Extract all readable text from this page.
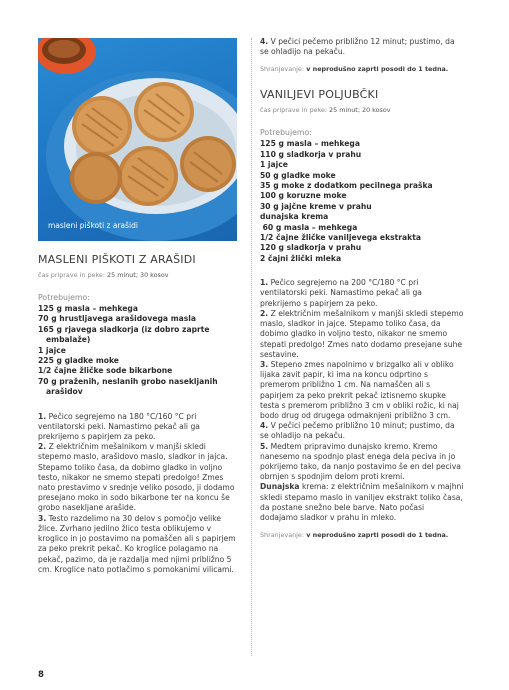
masleni piškoti z arašidi
MASLENI PIŠKOTI Z ARAŠIDI
čas priprave in peke: 25 minut; 30 kosov
Potrebujemo:
125 g masla – mehkega
70 g hrustljavega arašidovega masla
165 g rjavega sladkorja (iz dobro zaprte embalaže)
1 jajce
225 g gladke moke
1/2 čajne žličke sode bikarbone
70 g praženih, neslanih grobo nasekljanih arašidov

1. Pečico segrejemo na 180 °C/160 °C pri ventilatorski peki. Namastimo pekač ali ga prekrijemo s papirjem za peko.

2. Z električnim mešalnikom v manjši skledi stepemo maslo, arašidovo maslo, sladkor in jajca. Stepamo toliko časa, da dobimo gladko in voljno testo, nikakor ne smemo stepati predolgo! Zmes nato prestavimo v srednje veliko posodo, ji dodamo presejano moko in sodo bikarbone ter na koncu še grobo nasekljane arašide.

3. Testo razdelimo na 30 delov s pomočjo velike žlice. Zvrhano jedilno žlico testa oblikujemo v kroglico in jo postavimo na pomaščen ali s papirjem za peko prekrit pekač. Ko kroglice polagamo na pekač, pazimo, da je razdalja med njimi približno 5 cm. Kroglice nato potlačimo s pomokanimi vilicami.

4. V pečici pečemo približno 12 minut; pustimo, da se ohladijo na pekaču.

Shranjevanje: v neprodušno zaprti posodi do 1 tedna.
VANILJEVI POLJUBČKI
čas priprave in peke: 25 minut; 20 kosov
Potrebujemo:
125 g masla – mehkega
110 g sladkorja v prahu
1 jajce
50 g gladke moke
35 g moke z dodatkom pecilnega praška
100 g koruzne moke
30 g jajčne kreme v prahu
dunajska krema
60 g masla – mehkega
1/2 čajne žličke vaniljevega ekstrakta
120 g sladkorja v prahu
2 čajni žlički mleka

1. Pečico segrejemo na 200 °C/180 °C pri ventilatorski peki. Namastimo pekač ali ga prekrijemo s papirjem za peko.

2. Z električnim mešalnikom v manjši skledi stepemo maslo, sladkor in jajce. Stepamo toliko časa, da dobimo gladko in voljno testo, nikakor ne smemo stepati predolgo! Zmes nato dodamo presejane suhe sestavine.

3. Stepeno zmes napolnimo v brizgalko ali v obliko lijaka zavit papir, ki ima na koncu odprtino s premerom približno 1 cm. Na namaščen ali s papirjem za peko prekrit pekač iztisnemo skupke testa s premerom približno 3 cm v obliki rožic, ki naj bodo drug od drugega odmaknjeni približno 3 cm.

4. V pečici pečemo približno 10 minut; pustimo, da se ohladijo na pekaču.

5. Medtem pripravimo dunajsko kremo. Kremo nanesemo na spodnjo plast enega dela peciva in jo pokrijemo tako, da nanjo postavimo še en del peciva obrnjen s spodnjim delom proti kremi.

Dunajska krema: z električnim mešalnikom v majhni skledi stepamo maslo in vaniljev ekstrakt toliko časa, da postane snežno bele barve. Nato počasi dodajamo sladkor v prahu in mleko.

Shranjevanje: v neprodušno zaprti posodi do 1 tedna.
8
